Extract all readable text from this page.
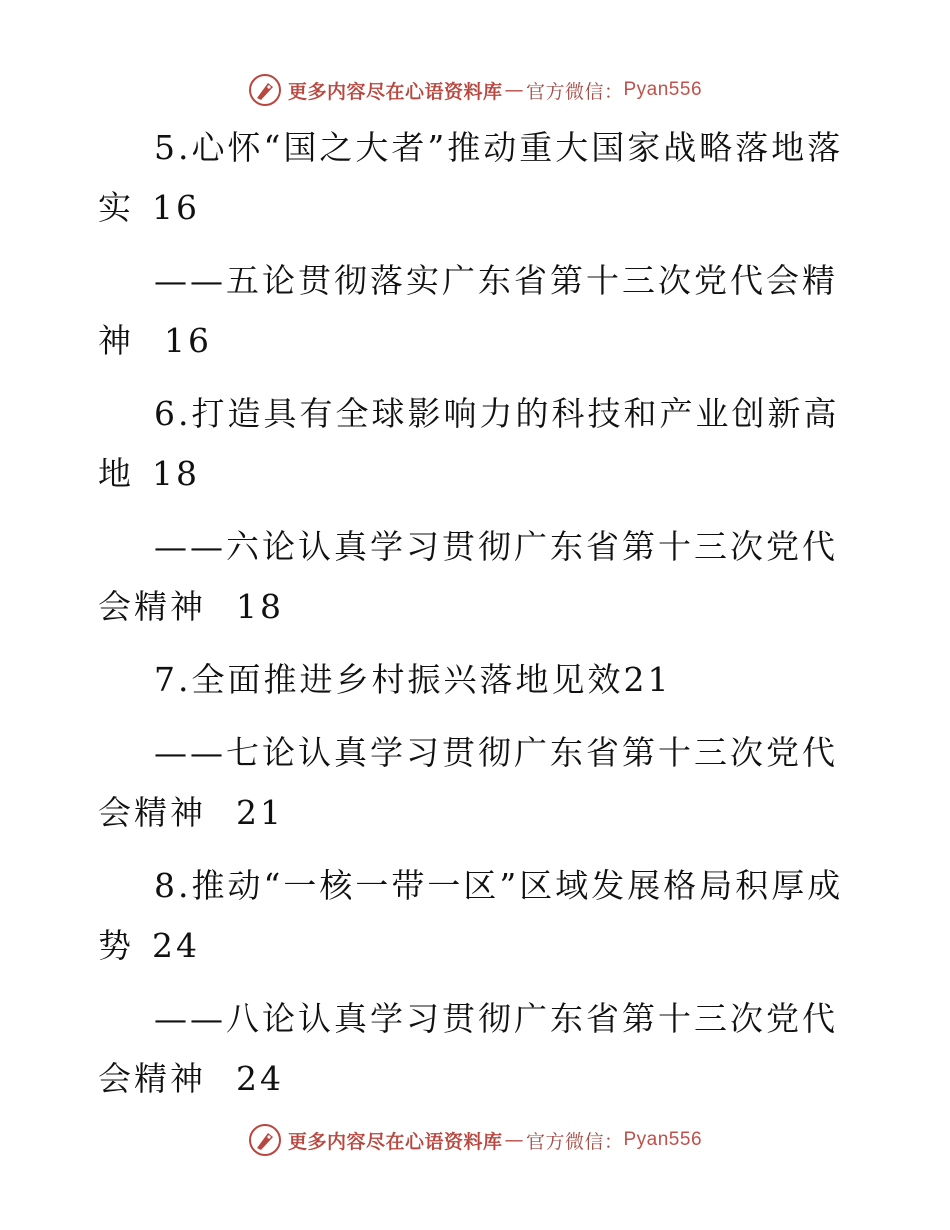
更多内容尽在心语资料库 — 官方微信： Pyan556

5.心怀“国之大者”推动重大国家战略落地落实 16

——五论贯彻落实广东省第十三次党代会精神 16

6.打造具有全球影响力的科技和产业创新高地 18

——六论认真学习贯彻广东省第十三次党代会精神 18

7.全面推进乡村振兴落地见效21

——七论认真学习贯彻广东省第十三次党代会精神 21

8.推动“一核一带一区”区域发展格局积厚成势 24

——八论认真学习贯彻广东省第十三次党代会精神 24

更多内容尽在心语资料库 — 官方微信： Pyan556
